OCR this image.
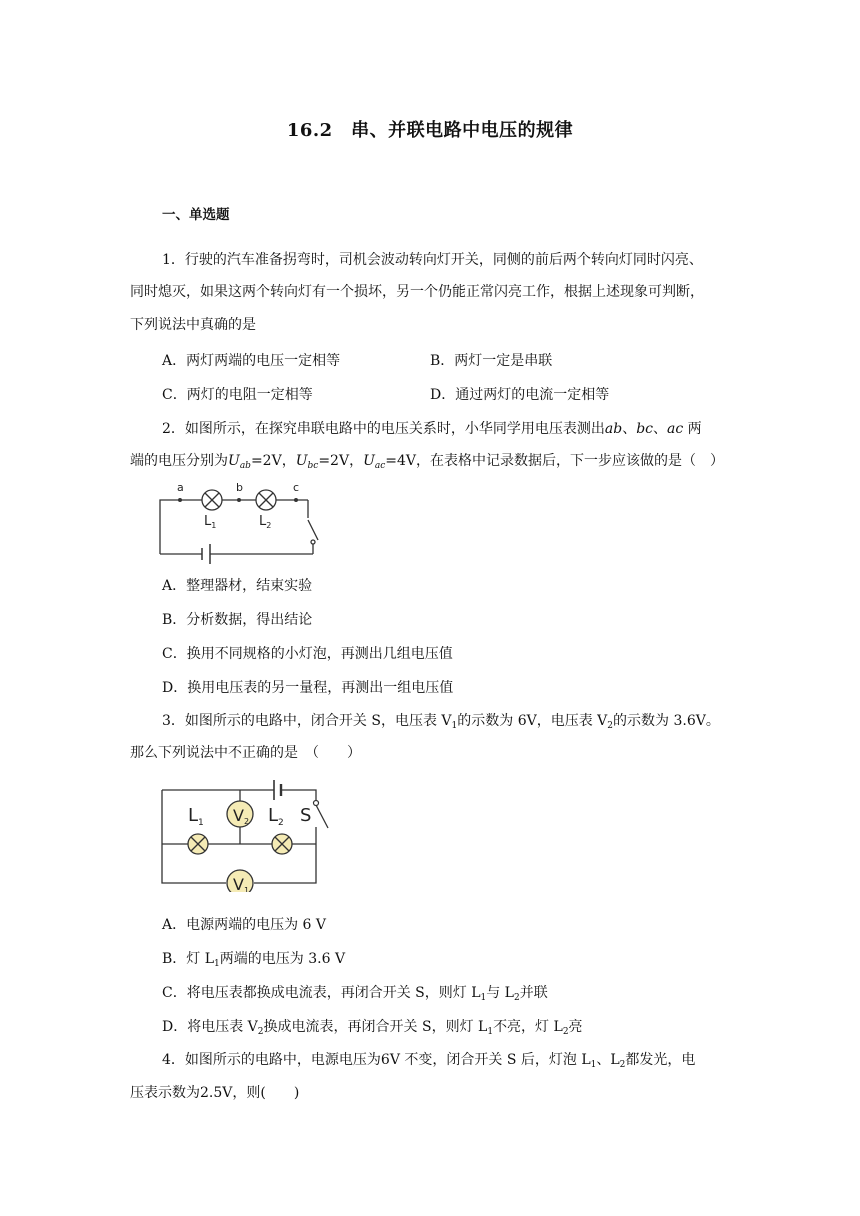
16.2　串、并联电路中电压的规律
一、单选题
1．行驶的汽车准备拐弯时，司机会波动转向灯开关，同侧的前后两个转向灯同时闪亮、
同时熄灭，如果这两个转向灯有一个损坏，另一个仍能正常闪亮工作，根据上述现象可判断，
下列说法中真确的是
A．两灯两端的电压一定相等	B．两灯一定是串联
C．两灯的电阻一定相等	D．通过两灯的电流一定相等
2．如图所示，在探究串联电路中的电压关系时，小华同学用电压表测出ab、bc、ac 两
端的电压分别为$U_{ab}=2V$，$U_{bc}=2V$，$U_{ac}=4V$，在表格中记录数据后，下一步应该做的是（　）
a	b	c
$L_1$	$L_2$
A．整理器材，结束实验
B．分析数据，得出结论
C．换用不同规格的小灯泡，再测出几组电压值
D．换用电压表的另一量程，再测出一组电压值
3．如图所示的电路中，闭合开关 S，电压表 $V_1$的示数为 6V，电压表 $V_2$的示数为 3.6V。
那么下列说法中不正确的是　（　　）
V2
V1
$L_1$	$L_2$ S
A．电源两端的电压为 6 V
B．灯 $L_1$两端的电压为 3.6 V
C．将电压表都换成电流表，再闭合开关 S，则灯 $L_1$与 $L_2$并联
D．将电压表 $V_2$换成电流表，再闭合开关 S，则灯 $L_1$不亮，灯 $L_2$亮
4．如图所示的电路中，电源电压为6V 不变，闭合开关 S 后，灯泡 $L_1$、$L_2$都发光，电
压表示数为2.5V，则(　　)
